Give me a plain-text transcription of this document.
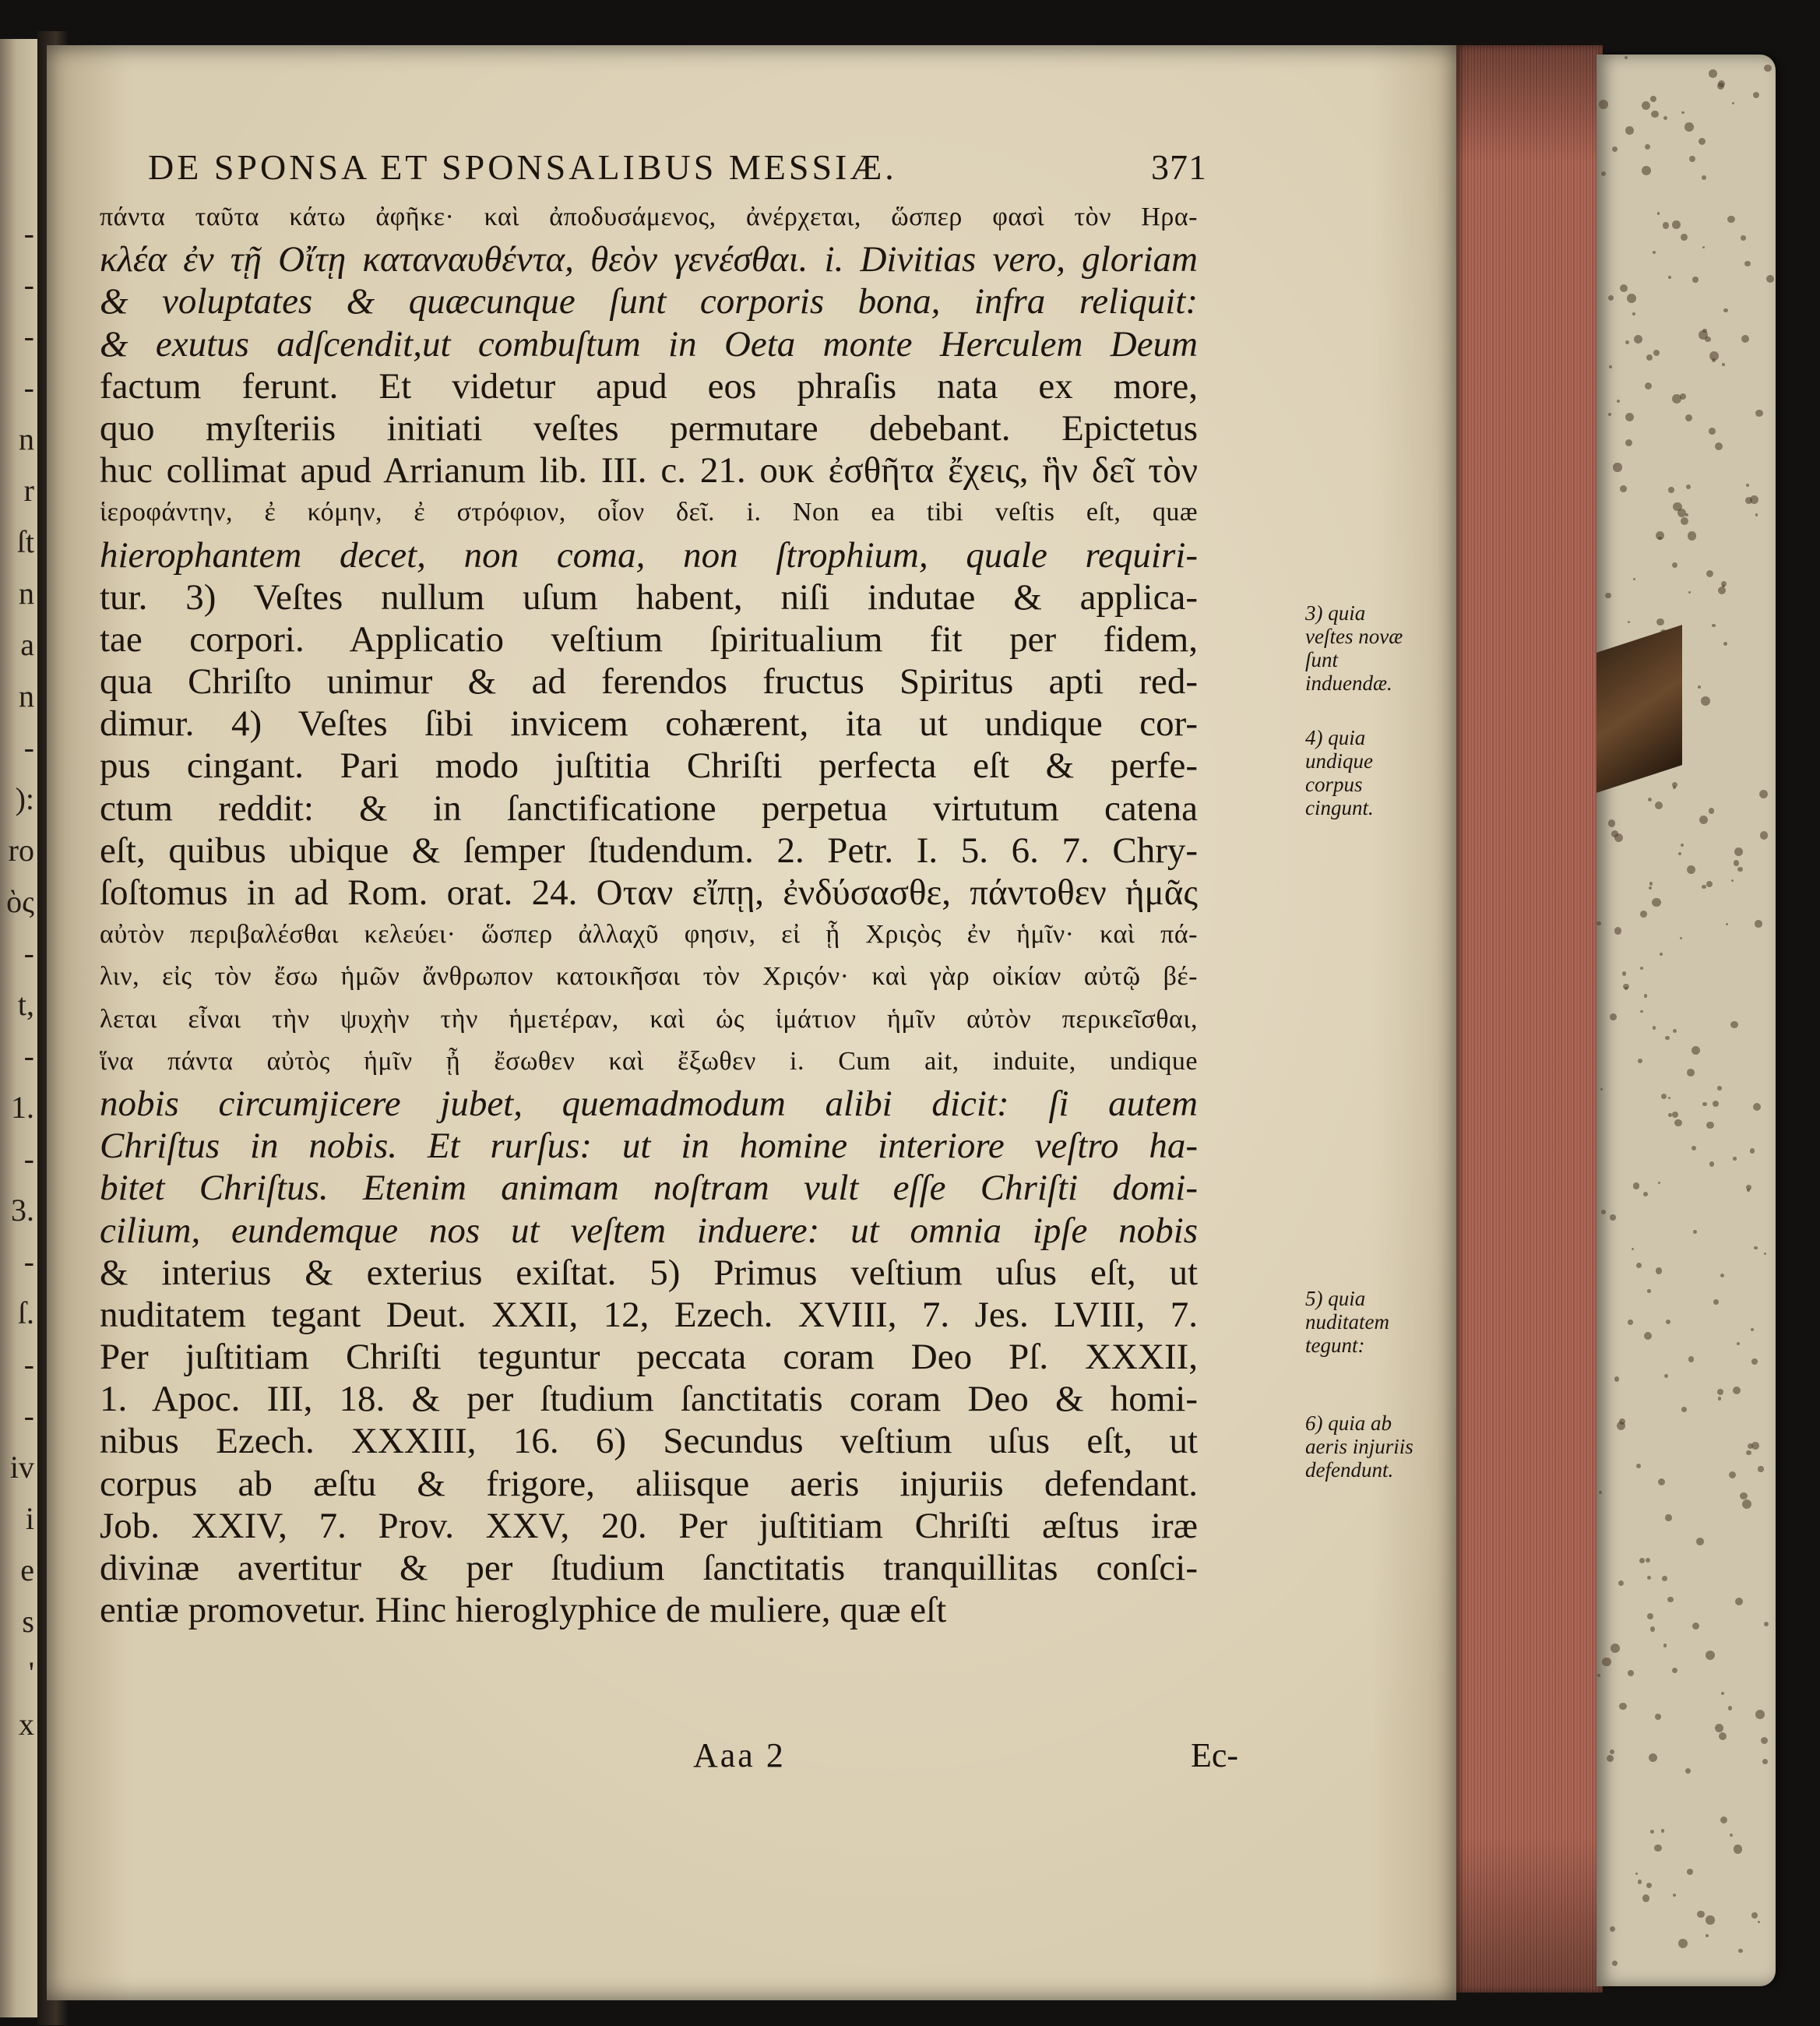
-
-
-
-
n
r
ſt
n
a
n
-
):
ro
ὸς
-
t,
-
1.
-
3.
-
ſ.
-
-
iv
i
e
s
'
x
DE SPONSA ET SPONSALIBUS MESSIÆ.	371
πάντα ταῦτα κάτω ἀφῆκε· καὶ ἀποδυσάμενος, ἀνέρχεται, ὥσπερ φασὶ τὸν Ηρα-
κλέα ἐν τῇ Οἴτῃ καταναυθέντα, θεὸν γενέσθαι. i. Divitias vero, gloriam
& voluptates & quæcunque ſunt corporis bona, infra reliquit:
& exutus adſcendit,ut combuſtum in Oeta monte Herculem Deum
factum ferunt. Et videtur apud eos phraſis nata ex more,
quo myſteriis initiati veſtes permutare debebant. Epictetus
huc collimat apud Arrianum lib. III. c. 21. ουκ ἐσθῆτα ἔχεις, ἣν δεῖ τὸν
ἱεροφάντην, ἐ κόμην, ἐ στρόφιον, οἷον δεῖ. i. Non ea tibi veſtis eſt, quæ
hierophantem decet, non coma, non ſtrophium, quale requiri-
tur. 3) Veſtes nullum uſum habent, niſi indutae & applica-
tae corpori. Applicatio veſtium ſpiritualium fit per fidem,
qua Chriſto unimur & ad ferendos fructus Spiritus apti red-
dimur. 4) Veſtes ſibi invicem cohærent, ita ut undique cor-
pus cingant. Pari modo juſtitia Chriſti perfecta eſt & perfe-
ctum reddit: & in ſanctificatione perpetua virtutum catena
eſt, quibus ubique & ſemper ſtudendum. 2. Petr. I. 5. 6. 7. Chry-
ſoſtomus in ad Rom. orat. 24. Οταν εἴπῃ, ἐνδύσασθε, πάντοθεν ἡμᾶς
αὐτὸν περιβαλέσθαι κελεύει· ὥσπερ ἀλλαχῦ φησιν, εἰ ᾗ Χριςὸς ἐν ἡμῖν· καὶ πά-
λιν, εἰς τὸν ἔσω ἡμῶν ἄνθρωπον κατοικῆσαι τὸν Χριςόν· καὶ γὰρ οἰκίαν αὐτῷ βέ-
λεται εἶναι τὴν ψυχὴν τὴν ἡμετέραν, καὶ ὡς ἱμάτιον ἡμῖν αὐτὸν περικεῖσθαι,
ἵνα πάντα αὐτὸς ἡμῖν ᾖ ἔσωθεν καὶ ἔξωθεν i. Cum ait, induite, undique
nobis circumjicere jubet, quemadmodum alibi dicit: ſi autem
Chriſtus in nobis. Et rurſus: ut in homine interiore veſtro ha-
bitet Chriſtus. Etenim animam noſtram vult eſſe Chriſti domi-
cilium, eundemque nos ut veſtem induere: ut omnia ipſe nobis
& interius & exterius exiſtat. 5) Primus veſtium uſus eſt, ut
nuditatem tegant Deut. XXII, 12, Ezech. XVIII, 7. Jes. LVIII, 7.
Per juſtitiam Chriſti teguntur peccata coram Deo Pſ. XXXII,
1. Apoc. III, 18. & per ſtudium ſanctitatis coram Deo & homi-
nibus Ezech. XXXIII, 16. 6) Secundus veſtium uſus eſt, ut
corpus ab æſtu & frigore, aliisque aeris injuriis defendant.
Job. XXIV, 7. Prov. XXV, 20. Per juſtitiam Chriſti æſtus iræ
divinæ avertitur & per ſtudium ſanctitatis tranquillitas conſci-
entiæ promovetur. Hinc hieroglyphice de muliere, quæ eſt
3) quia veſtes novæ ſunt induendæ.
4) quia undique corpus cingunt.
5) quia nuditatem tegunt:
6) quia ab aeris injuriis defendunt.
Aaa 2	Ec-
